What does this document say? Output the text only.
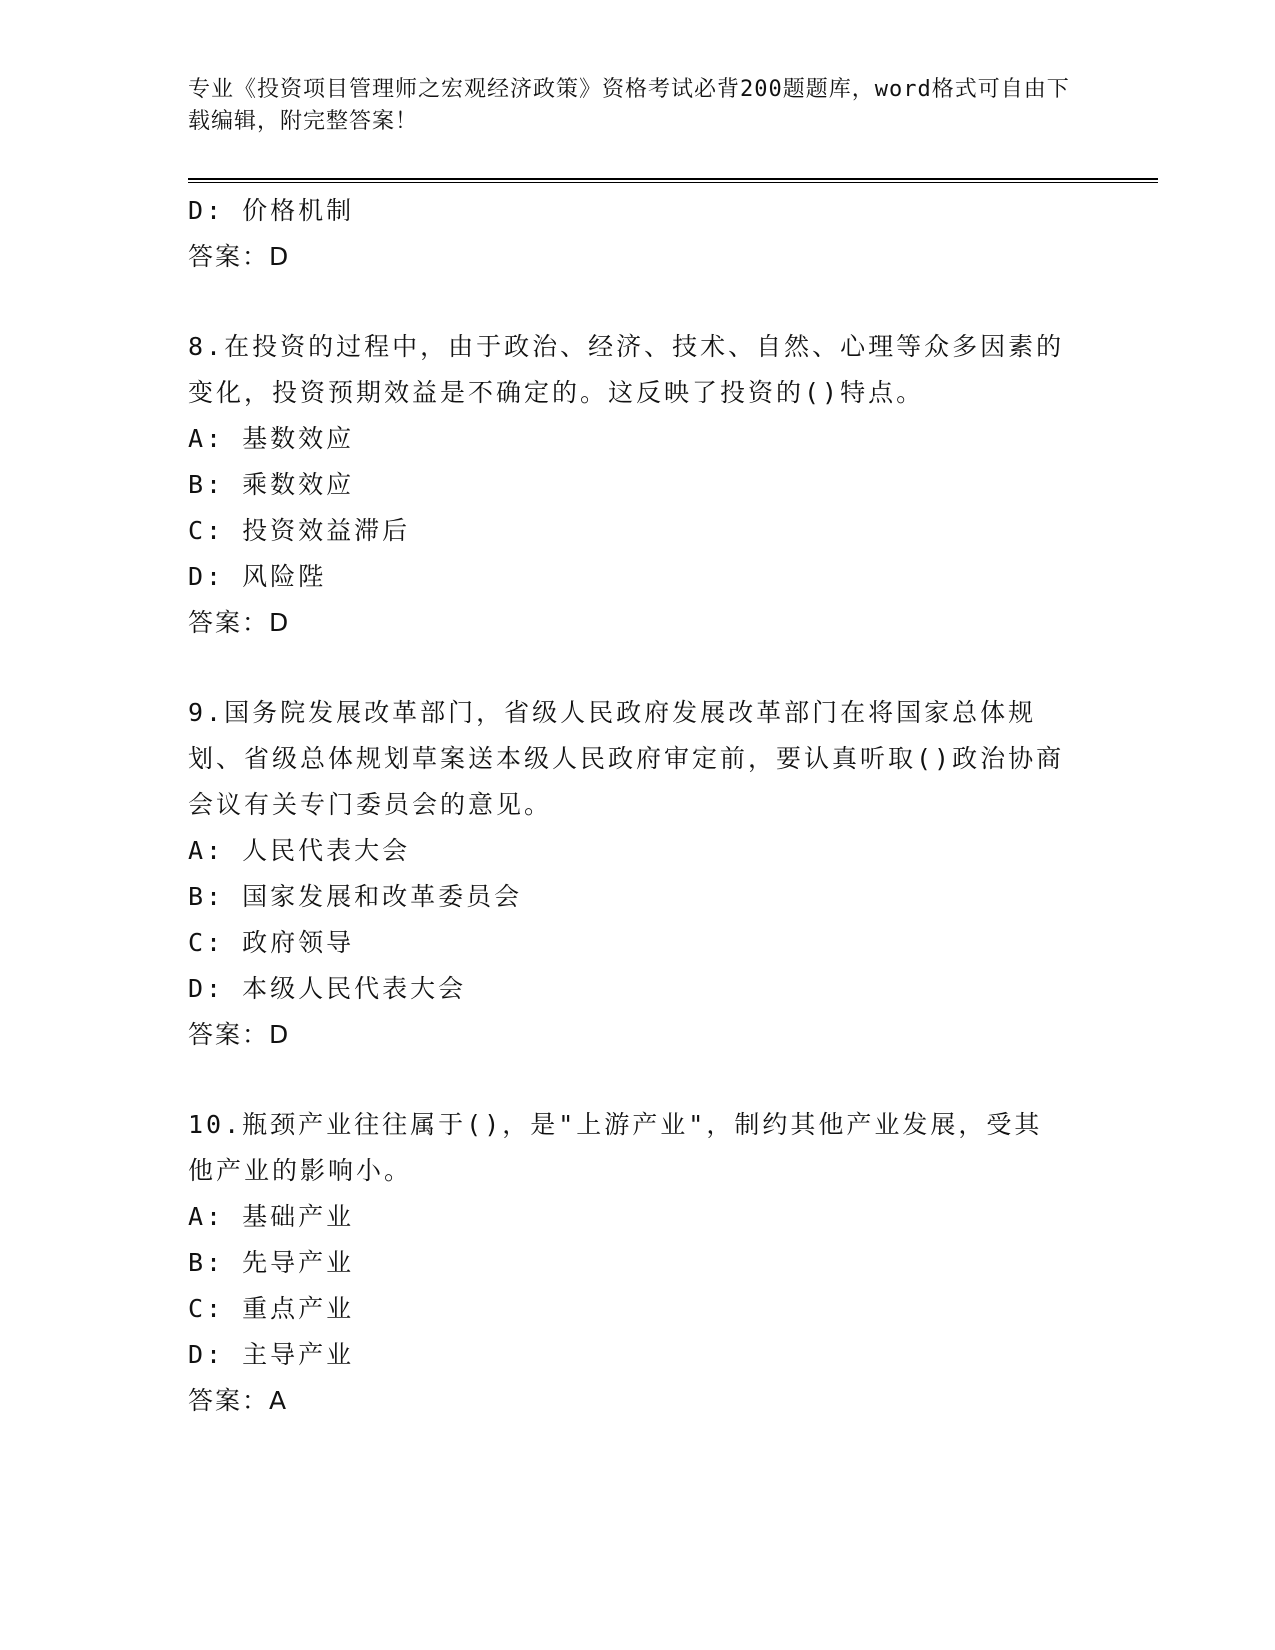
专业《投资项目管理师之宏观经济政策》资格考试必背200题题库，word格式可自由下载编辑，附完整答案！
D: 价格机制
答案：D
8.在投资的过程中，由于政治、经济、技术、自然、心理等众多因素的变化，投资预期效益是不确定的。这反映了投资的()特点。
A: 基数效应
B: 乘数效应
C: 投资效益滞后
D: 风险陛
答案：D
9.国务院发展改革部门，省级人民政府发展改革部门在将国家总体规划、省级总体规划草案送本级人民政府审定前，要认真听取()政治协商会议有关专门委员会的意见。
A: 人民代表大会
B: 国家发展和改革委员会
C: 政府领导
D: 本级人民代表大会
答案：D
10.瓶颈产业往往属于()，是"上游产业"，制约其他产业发展，受其他产业的影响小。
A: 基础产业
B: 先导产业
C: 重点产业
D: 主导产业
答案：A
